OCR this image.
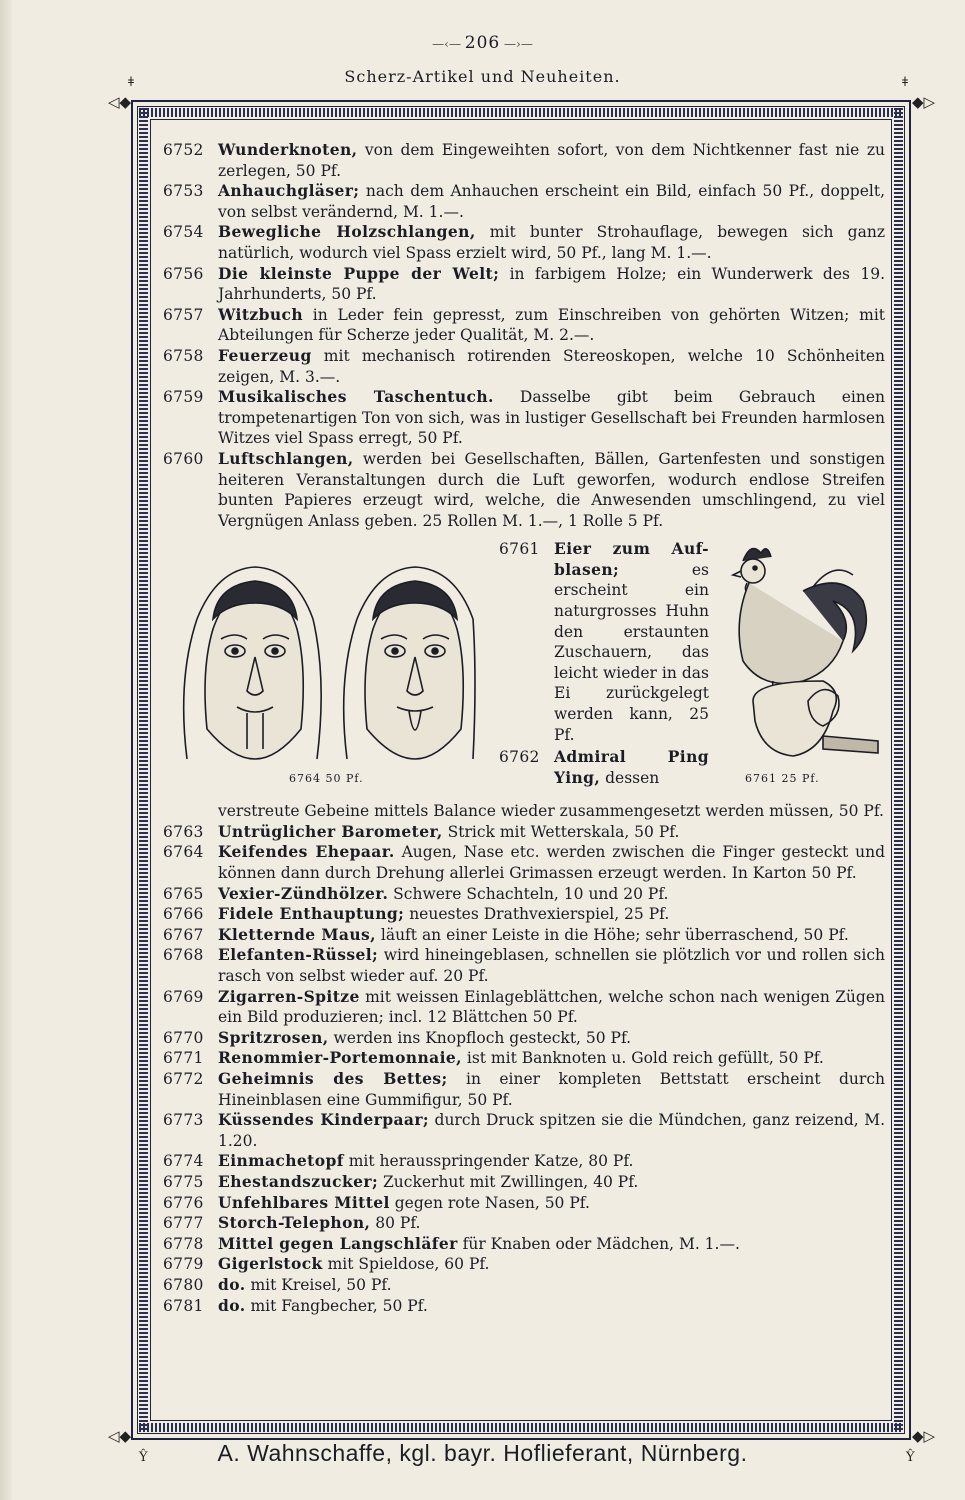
—‹— 206 —›—
Scherz-Artikel und Neuheiten.
◁◆	◆▷
ǂ	ǂ
◁◆	◆▷
Ŷ	Ŷ
6752 Wunderknoten, von dem Eingeweihten sofort, von dem Nichtkenner fast nie zu zerlegen, 50 Pf.
6753 Anhauchgläser; nach dem Anhauchen erscheint ein Bild, einfach 50 Pf., doppelt, von selbst verändernd, M. 1.—.
6754 Bewegliche Holzschlangen, mit bunter Strohauflage, bewegen sich ganz natürlich, wodurch viel Spass erzielt wird, 50 Pf., lang M. 1.—.
6756 Die kleinste Puppe der Welt; in farbigem Holze; ein Wunderwerk des 19. Jahrhunderts, 50 Pf.
6757 Witzbuch in Leder fein gepresst, zum Einschreiben von gehörten Witzen; mit Abteilungen für Scherze jeder Qualität, M. 2.—.
6758 Feuerzeug mit mechanisch rotirenden Stereoskopen, welche 10 Schönheiten zeigen, M. 3.—.
6759 Musikalisches Taschentuch. Dasselbe gibt beim Gebrauch einen trompetenartigen Ton von sich, was in lustiger Gesellschaft bei Freunden harmlosen Witzes viel Spass erregt, 50 Pf.
6760 Luftschlangen, werden bei Gesellschaften, Bällen, Gartenfesten und sonstigen heiteren Veranstaltungen durch die Luft geworfen, wodurch endlose Streifen bunten Papieres erzeugt wird, welche, die Anwesenden umschlingend, zu viel Vergnügen Anlass geben. 25 Rollen M. 1.—, 1 Rolle 5 Pf.
6764 50 Pf.
6761 Eier zum Auf-blasen; es erscheint ein naturgrosses Huhn den erstaunten Zuschauern, das leicht wieder in das Ei zurückgelegt werden kann, 25 Pf.
6762 Admiral Ping Ying, dessen	6761 25 Pf.
verstreute Gebeine mittels Balance wieder zusammengesetzt werden müssen, 50 Pf.
6763 Untrüglicher Barometer, Strick mit Wetterskala, 50 Pf.
6764 Keifendes Ehepaar. Augen, Nase etc. werden zwischen die Finger gesteckt und können dann durch Drehung allerlei Grimassen erzeugt werden. In Karton 50 Pf.
6765 Vexier-Zündhölzer. Schwere Schachteln, 10 und 20 Pf.
6766 Fidele Enthauptung; neuestes Drathvexierspiel, 25 Pf.
6767 Kletternde Maus, läuft an einer Leiste in die Höhe; sehr überraschend, 50 Pf.
6768 Elefanten-Rüssel; wird hineingeblasen, schnellen sie plötzlich vor und rollen sich rasch von selbst wieder auf. 20 Pf.
6769 Zigarren-Spitze mit weissen Einlageblättchen, welche schon nach wenigen Zügen ein Bild produzieren; incl. 12 Blättchen 50 Pf.
6770 Spritzrosen, werden ins Knopfloch gesteckt, 50 Pf.
6771 Renommier-Portemonnaie, ist mit Banknoten u. Gold reich gefüllt, 50 Pf.
6772 Geheimnis des Bettes; in einer kompleten Bettstatt erscheint durch Hineinblasen eine Gummifigur, 50 Pf.
6773 Küssendes Kinderpaar; durch Druck spitzen sie die Mündchen, ganz reizend, M. 1.20.
6774 Einmachetopf mit herausspringender Katze, 80 Pf.
6775 Ehestandszucker; Zuckerhut mit Zwillingen, 40 Pf.
6776 Unfehlbares Mittel gegen rote Nasen, 50 Pf.
6777 Storch-Telephon, 80 Pf.
6778 Mittel gegen Langschläfer für Knaben oder Mädchen, M. 1.—.
6779 Gigerlstock mit Spieldose, 60 Pf.
6780 do. mit Kreisel, 50 Pf.
6781 do. mit Fangbecher, 50 Pf.
A. Wahnschaffe, kgl. bayr. Hoflieferant, Nürnberg.
